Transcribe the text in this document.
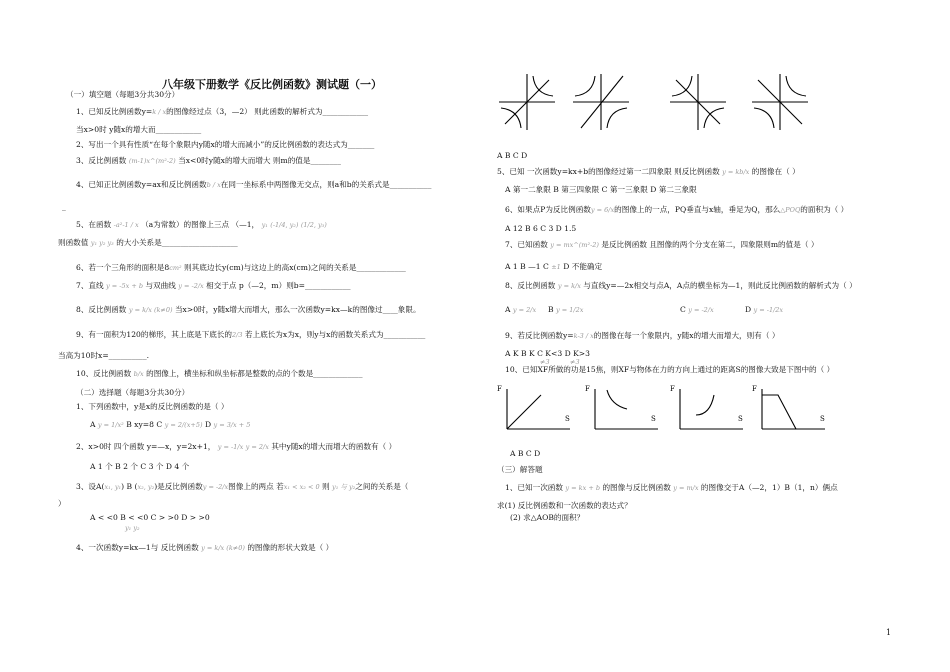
八年级下册数学《反比例函数》测试题（一）
（一）填空题（每题3分共30分）
1、已知反比例函数y=k / x的图像经过点（3，—2） 则此函数的解析式为____________
当x>0时 y随x的增大而____________
2、写出一个具有性质“在每个象限内y随x的增大而减小”的反比例函数的表达式为_______
3、反比例函数 (m-1)x^(m²-2) 当x<0时y随x的增大而增大 则m的值是________
4、已知正比例函数y=ax和反比例函数b / x在同一坐标系中两图像无交点，则a和b的关系式是___________
_
5、在函数 -a²-1 / x （a为常数）的图像上三点 （—1， y₁ (-1/4, y₂) (1/2, y₃)
则函数值 y₁ y₂ y₃ 的大小关系是____________________
6、若一个三角形的面积是8cm² 则其底边长y(cm)与这边上的高x(cm)之间的关系是_____________
7、直线 y = -5x + b 与双曲线 y = -2/x 相交于点 p（—2，m）则b=____________
8、反比例函数 y = k/x (k≠0) 当x>0时，y随x增大而增大，那么一次函数y=kx—k的图像过____象限。
9、有一面积为120的梯形，其上底是下底长的2/3 若上底长为x为x，则y与x的函数关系式为___________
当高为10时x=__________.
10、反比例函数 b/x 的图像上，横坐标和纵坐标都是整数的点的个数是_____________
（二）选择题（每题3分共30分）
1、下列函数中，y是x的反比例函数的是（ ）
A y = 1/x² B xy=8 C y = 2/(x+5) D y = 3/x + 5
2、x>0时 四个函数 y=—x，y=2x+1， y = -1/x y = 2/x 其中y随x的增大而增大的函数有（ ）
A 1 个 B 2 个 C 3 个 D 4 个
3、设A(x₁, y₁) B (x₂, y₂)是反比例函数y = -2/x图像上的两点 若x₁ < x₂ < 0 则 y₁ 与 y₂之间的关系是（
）
A < <0 B < <0 C > >0 D > >0
y₁ y₂
4、一次函数y=kx—1与 反比例函数 y = k/x (k≠0) 的图像的形状大致是（ ）
A B C D
5、已知 一次函数y=kx+b的图像经过第一二四象限 则反比例函数 y = kb/x 的图像在（ ）
A 第一二象限 B 第三四象限 C 第一三象限 D 第二三象限
6、如果点P为反比例函数y = 6/x的图像上的一点，PQ垂直与x轴，垂足为Q，那么△POQ的面积为（ ）
A 12 B 6 C 3 D 1.5
7、已知函数 y = mx^(m²-2) 是反比例函数 且图像的两个分支在第二，四象限则m的值是（ ）
A 1 B —1 C ±1 D 不能确定
8、反比例函数 y = k/x 与直线y=—2x相交与点A，A点的横坐标为—1，则此反比例函数的解析式为（ ）
A y = 2/x B y = 1/2x	C y = -2/x	D y = -1/2x
9、若反比例函数y=k-3 / x的图像在每一个象限内，y随x的增大而增大，则有（ ）
A K B K C K<3 D K>3
≠3	≠3
10、已知XF所做的功是15焦，则XF与物体在力的方向上通过的距离S的图像大致是下图中的（ ）
F
S
F
S
F
S
F
S
A B C D
（三）解答题
1、已知一次函数 y = kx + b 的图像与反比例函数 y = m/x 的图像交于A（—2，1）B（1，n）俩点
求(1) 反比例函数和一次函数的表达式？
(2) 求△AOB的面积？
1
